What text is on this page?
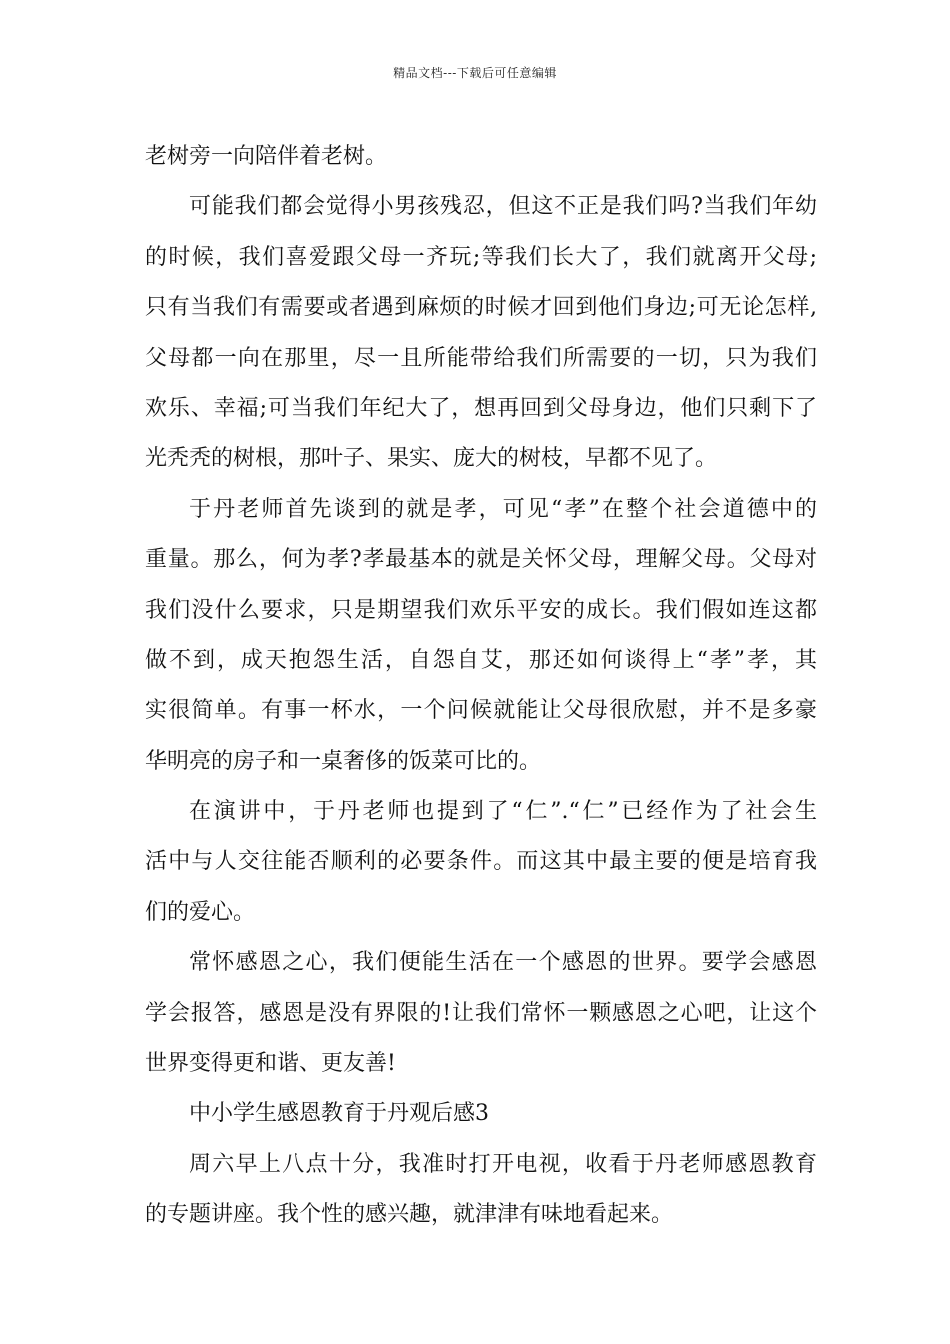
精品文档---下载后可任意编辑
老树旁一向陪伴着老树。
可能我们都会觉得小男孩残忍，但这不正是我们吗?当我们年幼
的时候，我们喜爱跟父母一齐玩;等我们长大了，我们就离开父母;
只有当我们有需要或者遇到麻烦的时候才回到他们身边;可无论怎样,
父母都一向在那里，尽一且所能带给我们所需要的一切，只为我们
欢乐、幸福;可当我们年纪大了，想再回到父母身边，他们只剩下了
光秃秃的树根，那叶子、果实、庞大的树枝，早都不见了。
于丹老师首先谈到的就是孝，可见“孝”在整个社会道德中的
重量。那么，何为孝?孝最基本的就是关怀父母，理解父母。父母对
我们没什么要求，只是期望我们欢乐平安的成长。我们假如连这都
做不到，成天抱怨生活，自怨自艾，那还如何谈得上“孝”孝，其
实很简单。有事一杯水，一个问候就能让父母很欣慰，并不是多豪
华明亮的房子和一桌奢侈的饭菜可比的。
在演讲中，于丹老师也提到了“仁”.“仁”已经作为了社会生
活中与人交往能否顺利的必要条件。而这其中最主要的便是培育我
们的爱心。
常怀感恩之心，我们便能生活在一个感恩的世界。要学会感恩
学会报答，感恩是没有界限的!让我们常怀一颗感恩之心吧，让这个
世界变得更和谐、更友善!
中小学生感恩教育于丹观后感3
周六早上八点十分，我准时打开电视，收看于丹老师感恩教育
的专题讲座。我个性的感兴趣，就津津有味地看起来。
